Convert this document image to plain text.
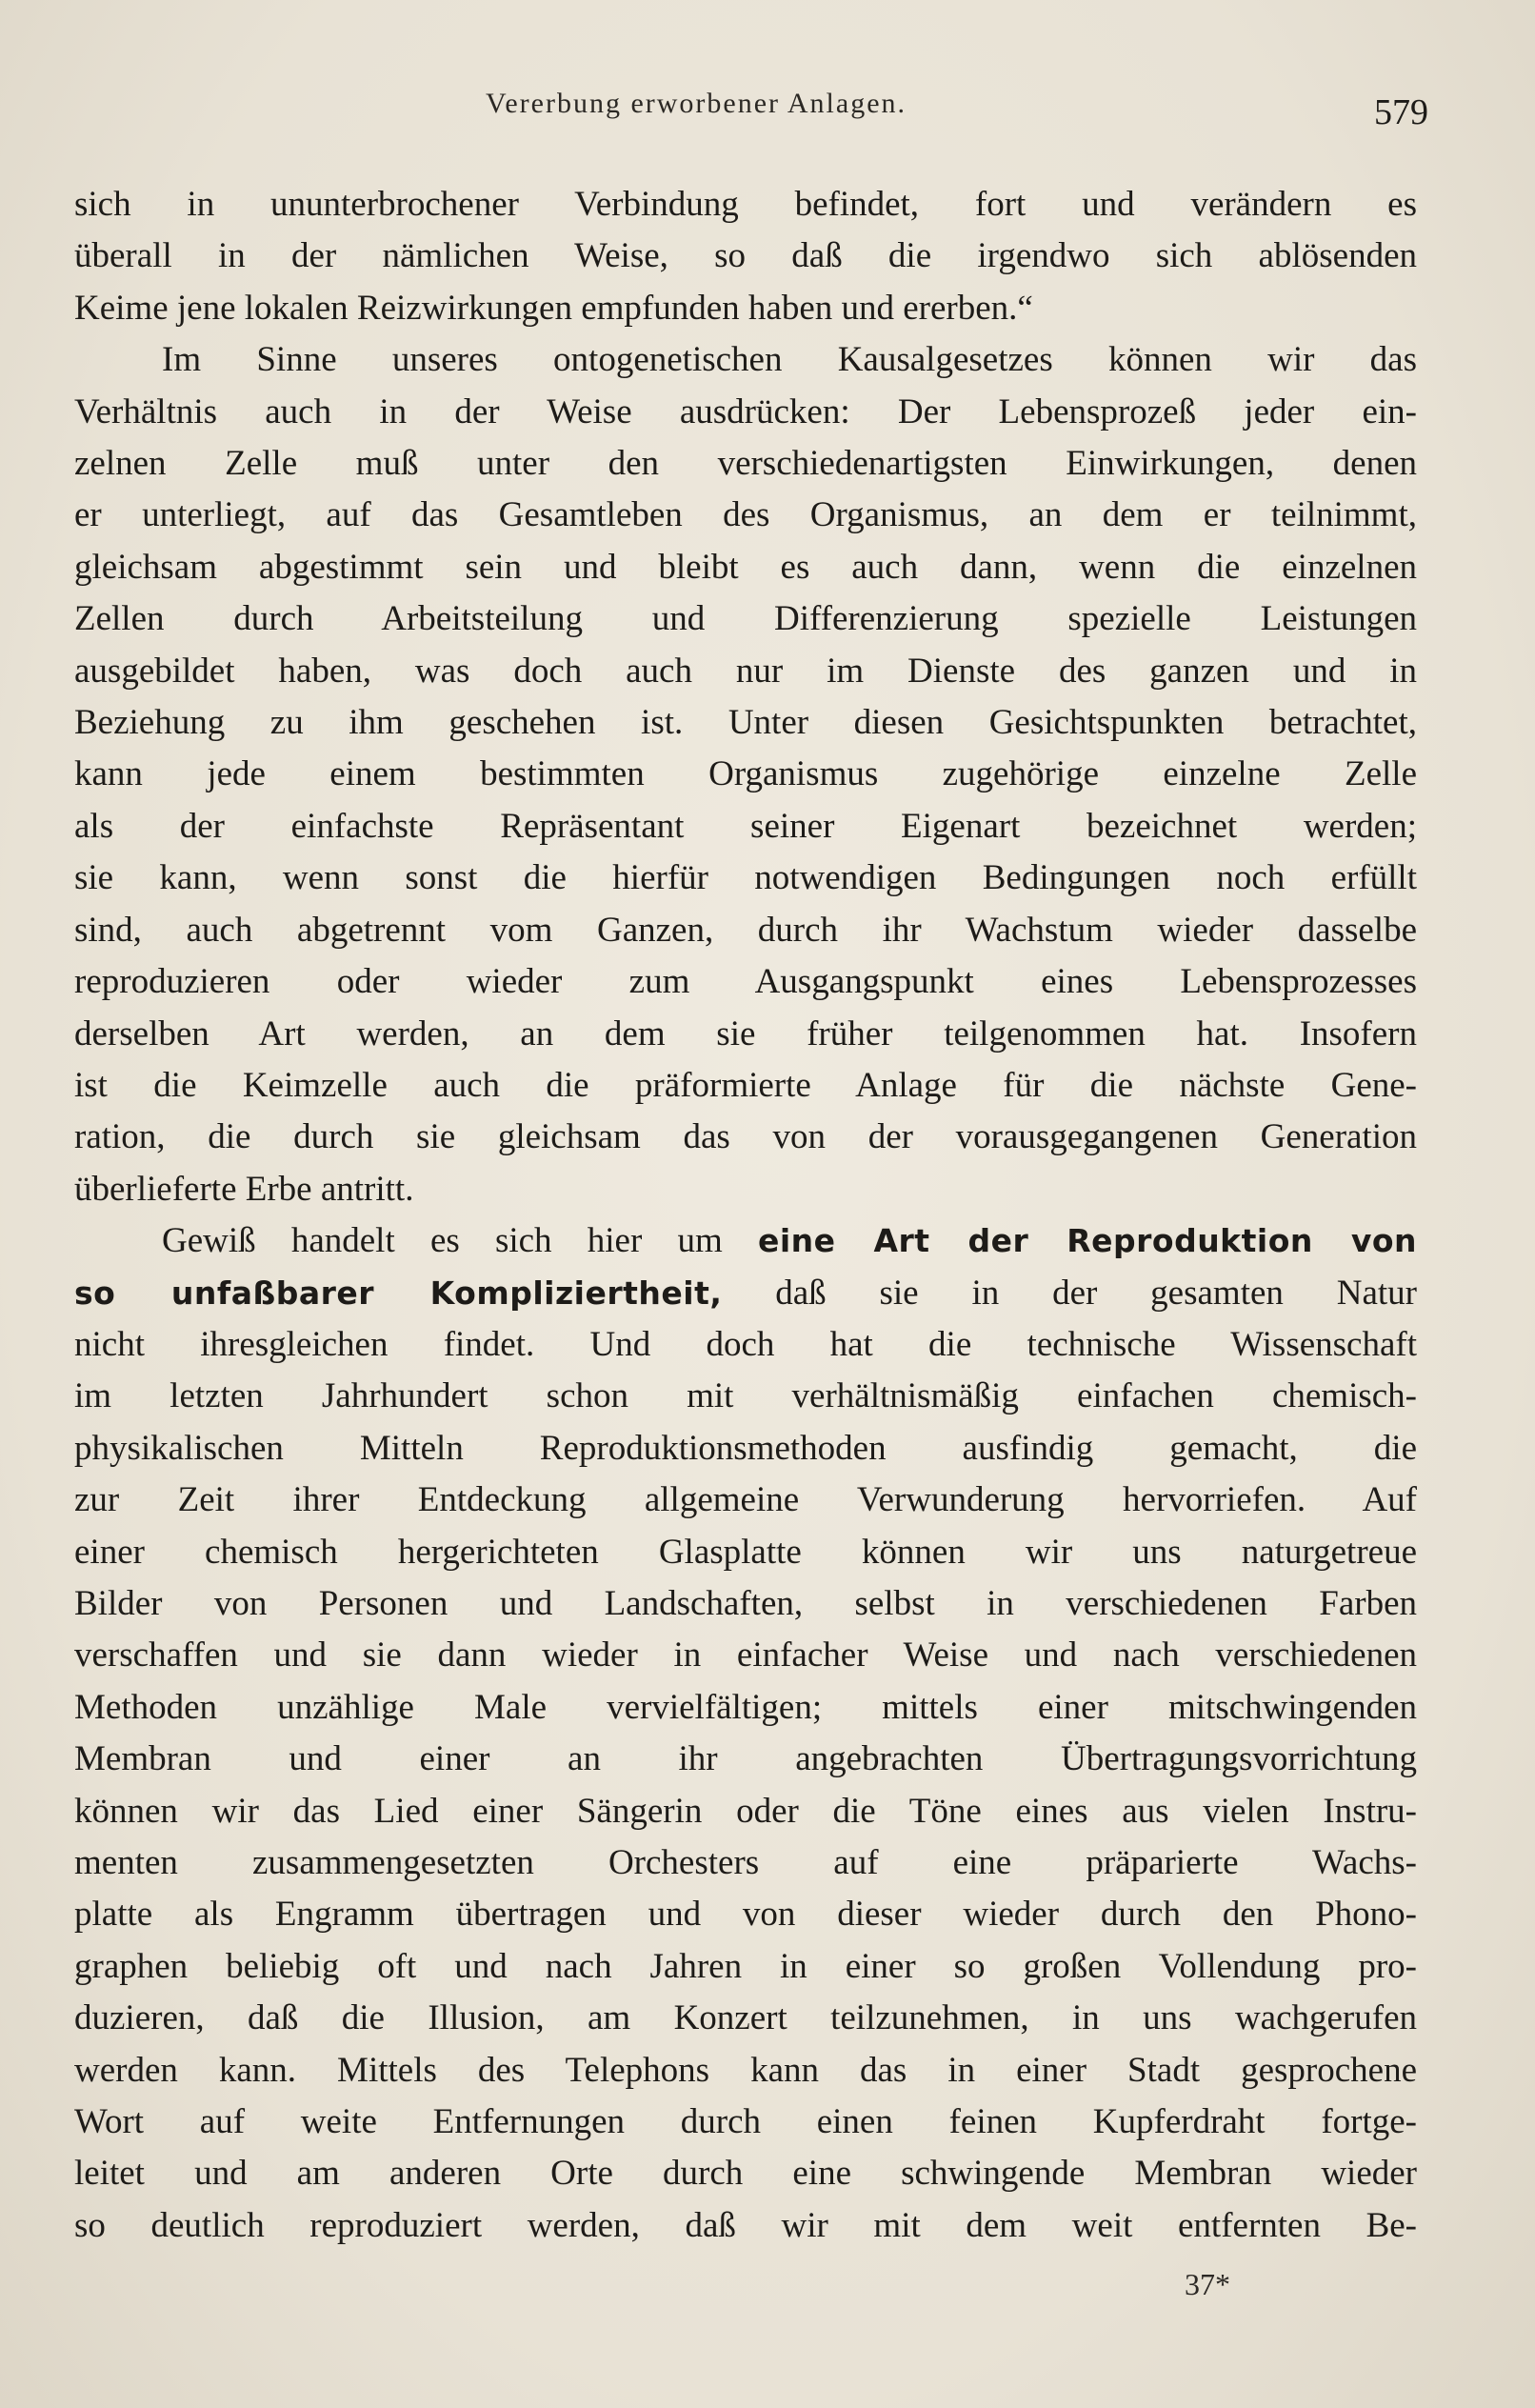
Vererbung erworbener Anlagen.	579

sich in ununterbrochener Verbindung befindet, fort und verändern es
überall in der nämlichen Weise, so daß die irgendwo sich ablösenden
Keime jene lokalen Reizwirkungen empfunden haben und ererben.“

Im Sinne unseres ontogenetischen Kausalgesetzes können wir das
Verhältnis auch in der Weise ausdrücken: Der Lebensprozeß jeder ein-
zelnen Zelle muß unter den verschiedenartigsten Einwirkungen, denen
er unterliegt, auf das Gesamtleben des Organismus, an dem er teilnimmt,
gleichsam abgestimmt sein und bleibt es auch dann, wenn die einzelnen
Zellen durch Arbeitsteilung und Differenzierung spezielle Leistungen
ausgebildet haben, was doch auch nur im Dienste des ganzen und in
Beziehung zu ihm geschehen ist. Unter diesen Gesichtspunkten betrachtet,
kann jede einem bestimmten Organismus zugehörige einzelne Zelle
als der einfachste Repräsentant seiner Eigenart bezeichnet werden;
sie kann, wenn sonst die hierfür notwendigen Bedingungen noch erfüllt
sind, auch abgetrennt vom Ganzen, durch ihr Wachstum wieder dasselbe
reproduzieren oder wieder zum Ausgangspunkt eines Lebensprozesses
derselben Art werden, an dem sie früher teilgenommen hat. Insofern
ist die Keimzelle auch die präformierte Anlage für die nächste Gene-
ration, die durch sie gleichsam das von der vorausgegangenen Generation
überlieferte Erbe antritt.

Gewiß handelt es sich hier um eine Art der Reproduktion von
so unfaßbarer Kompliziertheit, daß sie in der gesamten Natur
nicht ihresgleichen findet. Und doch hat die technische Wissenschaft
im letzten Jahrhundert schon mit verhältnismäßig einfachen chemisch-
physikalischen Mitteln Reproduktionsmethoden ausfindig gemacht, die
zur Zeit ihrer Entdeckung allgemeine Verwunderung hervorriefen. Auf
einer chemisch hergerichteten Glasplatte können wir uns naturgetreue
Bilder von Personen und Landschaften, selbst in verschiedenen Farben
verschaffen und sie dann wieder in einfacher Weise und nach verschiedenen
Methoden unzählige Male vervielfältigen; mittels einer mitschwingenden
Membran und einer an ihr angebrachten Übertragungsvorrichtung
können wir das Lied einer Sängerin oder die Töne eines aus vielen Instru-
menten zusammengesetzten Orchesters auf eine präparierte Wachs-
platte als Engramm übertragen und von dieser wieder durch den Phono-
graphen beliebig oft und nach Jahren in einer so großen Vollendung pro-
duzieren, daß die Illusion, am Konzert teilzunehmen, in uns wachgerufen
werden kann. Mittels des Telephons kann das in einer Stadt gesprochene
Wort auf weite Entfernungen durch einen feinen Kupferdraht fortge-
leitet und am anderen Orte durch eine schwingende Membran wieder
so deutlich reproduziert werden, daß wir mit dem weit entfernten Be-

37*
